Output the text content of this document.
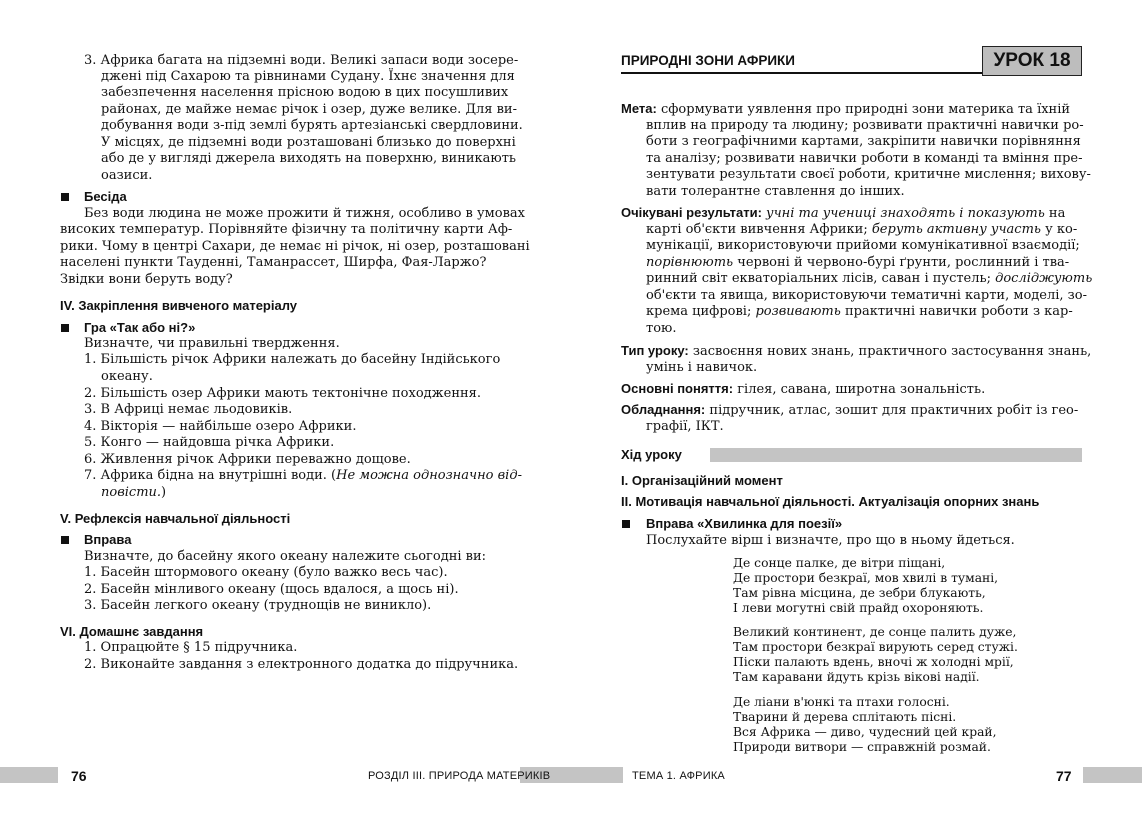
3. Африка багата на підземні води. Великі запаси води зосере-
джені під Сахарою та рівнинами Судану. Їхнє значення для
забезпечення населення прісною водою в цих посушливих
районах, де майже немає річок і озер, дуже велике. Для ви-
добування води з-під землі бурять артезіанські свердловини.
У місцях, де підземні води розташовані близько до поверхні
або де у вигляді джерела виходять на поверхню, виникають
оазиси.
Бесіда
Без води людина не може прожити й тижня, особливо в умовах
високих температур. Порівняйте фізичну та політичну карти Аф-
рики. Чому в центрі Сахари, де немає ні річок, ні озер, розташовані
населені пункти Тауденні, Таманрассет, Ширфа, Фая-Ларжо?
Звідки вони беруть воду?
IV. Закріплення вивченого матеріалу
Гра «Так або ні?»
Визначте, чи правильні твердження.
1. Більшість річок Африки належать до басейну Індійського
океану.
2. Більшість озер Африки мають тектонічне походження.
3. В Африці немає льодовиків.
4. Вікторія — найбільше озеро Африки.
5. Конго — найдовша річка Африки.
6. Живлення річок Африки переважно дощове.
7. Африка бідна на внутрішні води. (Не можна однозначно від-
повісти.)
V. Рефлексія навчальної діяльності
Вправа
Визначте, до басейну якого океану належите сьогодні ви:
1. Басейн штормового океану (було важко весь час).
2. Басейн мінливого океану (щось вдалося, а щось ні).
3. Басейн легкого океану (труднощів не виникло).
VI. Домашнє завдання
1. Опрацюйте § 15 підручника.
2. Виконайте завдання з електронного додатка до підручника.
76	РОЗДІЛ III. ПРИРОДА МАТЕРИКІВ
ПРИРОДНІ ЗОНИ АФРИКИ	УРОК 18
Мета: сформувати уявлення про природні зони материка та їхній
вплив на природу та людину; розвивати практичні навички ро-
боти з географічними картами, закріпити навички порівняння
та аналізу; розвивати навички роботи в команді та вміння пре-
зентувати результати своєї роботи, критичне мислення; вихову-
вати толерантне ставлення до інших.
Очікувані результати: учні та учениці знаходять і показують на
карті об'єкти вивчення Африки; беруть активну участь у ко-
мунікації, використовуючи прийоми комунікативної взаємодії;
порівнюють червоні й червоно-бурі ґрунти, рослинний і тва-
ринний світ екваторіальних лісів, саван і пустель; досліджують
об'єкти та явища, використовуючи тематичні карти, моделі, зо-
крема цифрові; розвивають практичні навички роботи з кар-
тою.
Тип уроку: засвоєння нових знань, практичного застосування знань,
умінь і навичок.
Основні поняття: гілея, савана, широтна зональність.
Обладнання: підручник, атлас, зошит для практичних робіт із гео-
графії, ІКТ.
Хід уроку
I. Організаційний момент
II. Мотивація навчальної діяльності. Актуалізація опорних знань
Вправа «Хвилинка для поезії»
Послухайте вірш і визначте, про що в ньому йдеться.
Де сонце палке, де вітри піщані,
Де простори безкраї, мов хвилі в тумані,
Там рівна місцина, де зебри блукають,
І леви могутні свій прайд охороняють.
Великий континент, де сонце палить дуже,
Там простори безкраї вирують серед стужі.
Піски палають вдень, вночі ж холодні мрії,
Там каравани йдуть крізь вікові надії.
Де ліани в'юнкі та птахи голосні.
Тварини й дерева сплітають пісні.
Вся Африка — диво, чудесний цей край,
Природи витвори — справжній розмай.
ТЕМА 1. АФРИКА	77
